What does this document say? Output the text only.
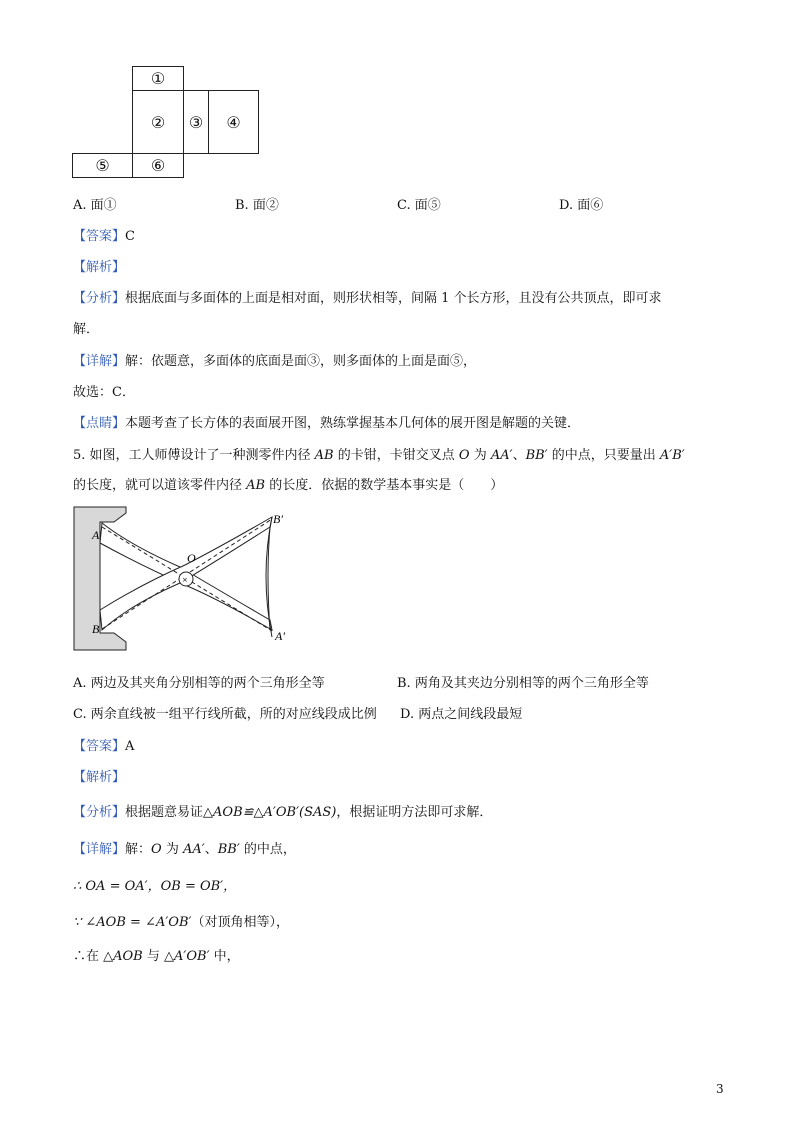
①
②	③	④
⑤	⑥
A. 面①	B. 面②	C. 面⑤	D. 面⑥
【答案】C
【解析】
【分析】根据底面与多面体的上面是相对面，则形状相等，间隔 1 个长方形，且没有公共顶点，即可求
解．
【详解】解：依题意，多面体的底面是面③，则多面体的上面是面⑤，
故选：C．
【点睛】本题考查了长方体的表面展开图，熟练掌握基本几何体的展开图是解题的关键．
5. 如图，工人师傅设计了一种测零件内径 AB 的卡钳，卡钳交叉点 O 为 AA′、BB′ 的中点，只要量出 A′B′
的长度，就可以道该零件内径 AB 的长度．依据的数学基本事实是（　　）
×
A
B
O
B′
A′
A. 两边及其夹角分别相等的两个三角形全等	B. 两角及其夹边分别相等的两个三角形全等
C. 两余直线被一组平行线所截，所的对应线段成比例 D. 两点之间线段最短
【答案】A
【解析】
【分析】根据题意易证△AOB≌△A′OB′(SAS)，根据证明方法即可求解．
【详解】解：O 为 AA′、BB′ 的中点，
∴ OA = OA′，OB = OB′，
∵ ∠AOB = ∠A′OB′（对顶角相等），
∴在 △AOB 与 △A′OB′ 中，
3
